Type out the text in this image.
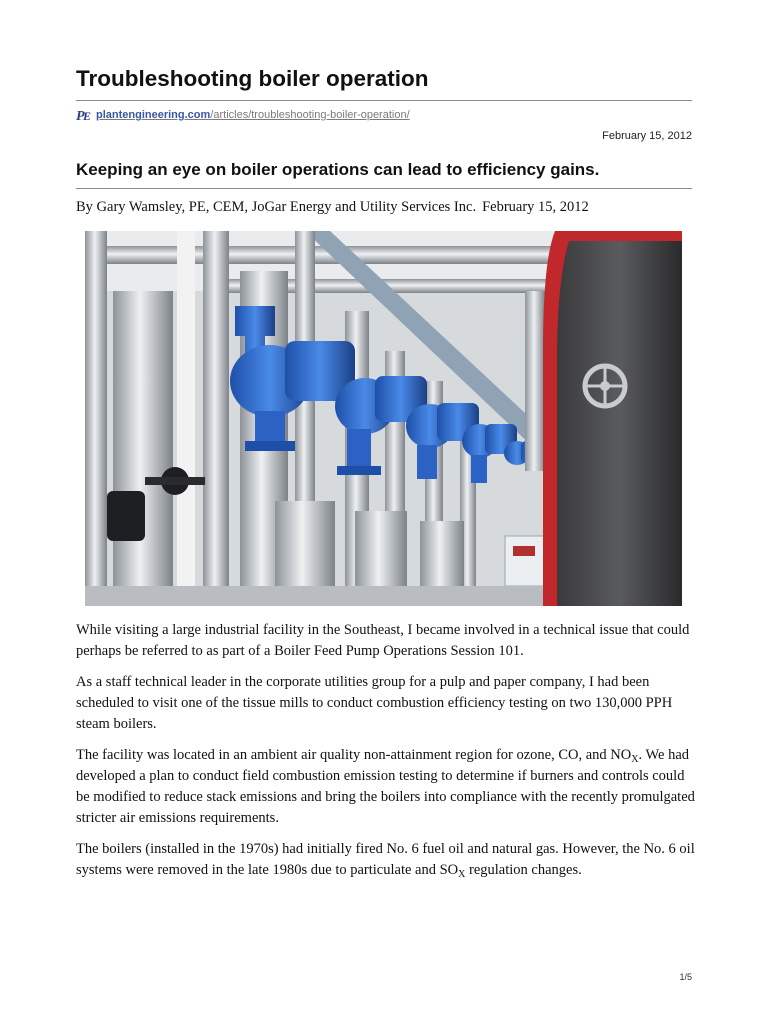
Troubleshooting boiler operation
P
E plantengineering.com/articles/troubleshooting-boiler-operation/
February 15, 2012
Keeping an eye on boiler operations can lead to efficiency gains.
By Gary Wamsley, PE, CEM, JoGar Energy and Utility Services Inc. February 15, 2012

While visiting a large industrial facility in the Southeast, I became involved in a technical issue that could perhaps be referred to as part of a Boiler Feed Pump Operations Session 101.

As a staff technical leader in the corporate utilities group for a pulp and paper company, I had been scheduled to visit one of the tissue mills to conduct combustion efficiency testing on two 130,000 PPH steam boilers.

The facility was located in an ambient air quality non-attainment region for ozone, CO, and $NO_X$. We had developed a plan to conduct field combustion emission testing to determine if burners and controls could be modified to reduce stack emissions and bring the boilers into compliance with the recently promulgated stricter air emissions requirements.

The boilers (installed in the 1970s) had initially fired No. 6 fuel oil and natural gas. However, the No. 6 oil systems were removed in the late 1980s due to particulate and $SO_X$ regulation changes.

1/5
